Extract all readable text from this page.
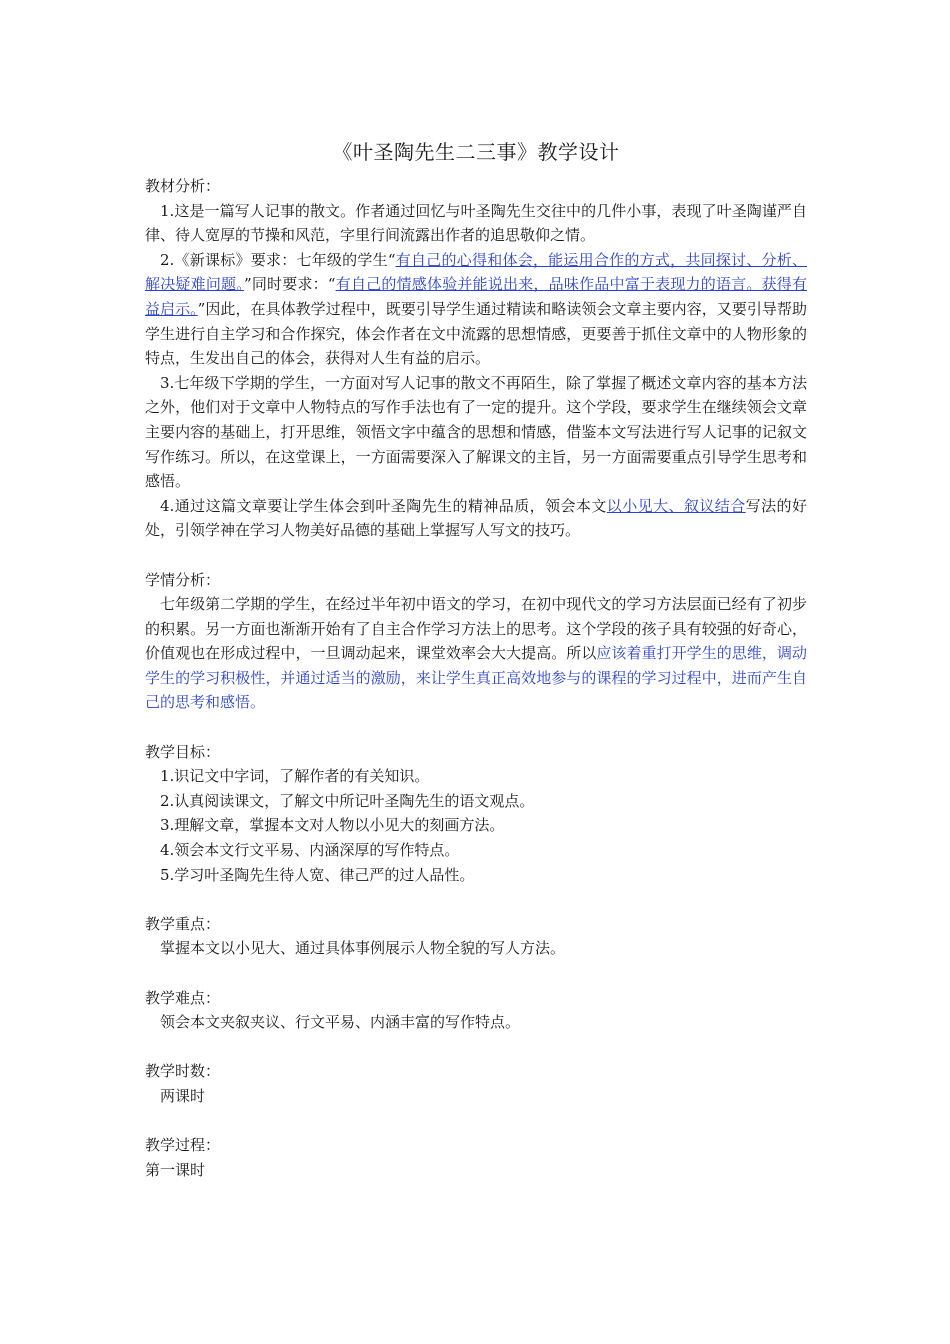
《叶圣陶先生二三事》教学设计

教材分析：

1.这是一篇写人记事的散文。作者通过回忆与叶圣陶先生交往中的几件小事，表现了叶圣陶谨严自律、待人宽厚的节操和风范，字里行间流露出作者的追思敬仰之情。

2.《新课标》要求：七年级的学生“有自己的心得和体会，能运用合作的方式，共同探讨、分析、解决疑难问题。”同时要求：“有自己的情感体验并能说出来，品味作品中富于表现力的语言。获得有益启示。”因此，在具体教学过程中，既要引导学生通过精读和略读领会文章主要内容，又要引导帮助学生进行自主学习和合作探究，体会作者在文中流露的思想情感，更要善于抓住文章中的人物形象的特点，生发出自己的体会，获得对人生有益的启示。

3.七年级下学期的学生，一方面对写人记事的散文不再陌生，除了掌握了概述文章内容的基本方法之外，他们对于文章中人物特点的写作手法也有了一定的提升。这个学段，要求学生在继续领会文章主要内容的基础上，打开思维，领悟文字中蕴含的思想和情感，借鉴本文写法进行写人记事的记叙文写作练习。所以，在这堂课上，一方面需要深入了解课文的主旨，另一方面需要重点引导学生思考和感悟。

4.通过这篇文章要让学生体会到叶圣陶先生的精神品质，领会本文以小见大、叙议结合写法的好处，引领学神在学习人物美好品德的基础上掌握写人写文的技巧。

学情分析：

七年级第二学期的学生，在经过半年初中语文的学习，在初中现代文的学习方法层面已经有了初步的积累。另一方面也渐渐开始有了自主合作学习方法上的思考。这个学段的孩子具有较强的好奇心，价值观也在形成过程中，一旦调动起来，课堂效率会大大提高。所以应该着重打开学生的思维，调动学生的学习积极性，并通过适当的激励，来让学生真正高效地参与的课程的学习过程中，进而产生自己的思考和感悟。

教学目标：

1.识记文中字词，了解作者的有关知识。

2.认真阅读课文，了解文中所记叶圣陶先生的语文观点。

3.理解文章，掌握本文对人物以小见大的刻画方法。

4.领会本文行文平易、内涵深厚的写作特点。

5.学习叶圣陶先生待人宽、律己严的过人品性。

教学重点：

掌握本文以小见大、通过具体事例展示人物全貌的写人方法。

教学难点：

领会本文夹叙夹议、行文平易、内涵丰富的写作特点。

教学时数：

两课时

教学过程：

第一课时
